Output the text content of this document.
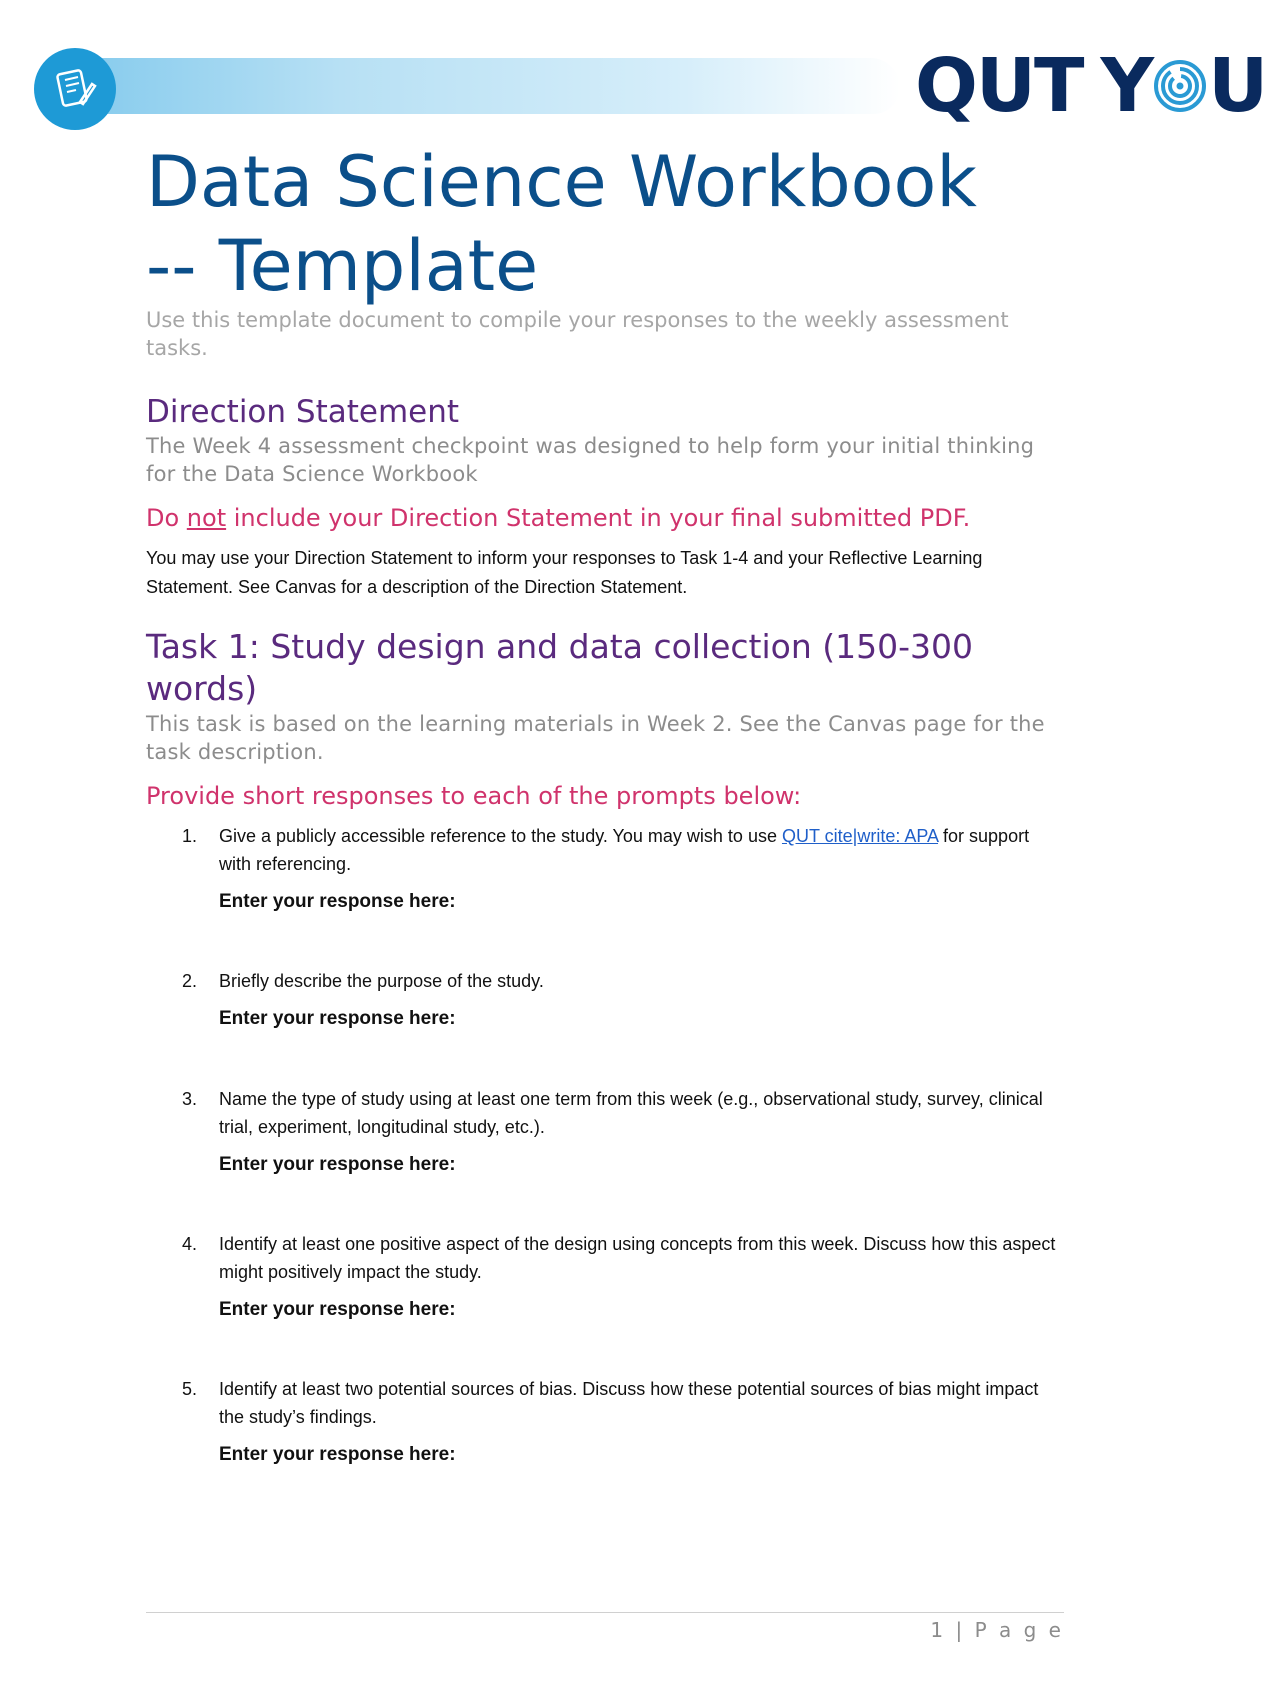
QUT Y U
Data Science Workbook
-- Template
Use this template document to compile your responses to the weekly assessment tasks.
Direction Statement
The Week 4 assessment checkpoint was designed to help form your initial thinking for the Data Science Workbook
Do not include your Direction Statement in your final submitted PDF.
You may use your Direction Statement to inform your responses to Task 1-4 and your Reflective Learning Statement. See Canvas for a description of the Direction Statement.
Task 1: Study design and data collection (150-300 words)
This task is based on the learning materials in Week 2. See the Canvas page for the task description.
Provide short responses to each of the prompts below:
1. Give a publicly accessible reference to the study. You may wish to use QUT cite|write: APA for support with referencing.
Enter your response here:
2. Briefly describe the purpose of the study.
Enter your response here:
3. Name the type of study using at least one term from this week (e.g., observational study, survey, clinical trial, experiment, longitudinal study, etc.).
Enter your response here:
4. Identify at least one positive aspect of the design using concepts from this week. Discuss how this aspect might positively impact the study.
Enter your response here:
5. Identify at least two potential sources of bias. Discuss how these potential sources of bias might impact the study’s findings.
Enter your response here:
1 | P a g e
